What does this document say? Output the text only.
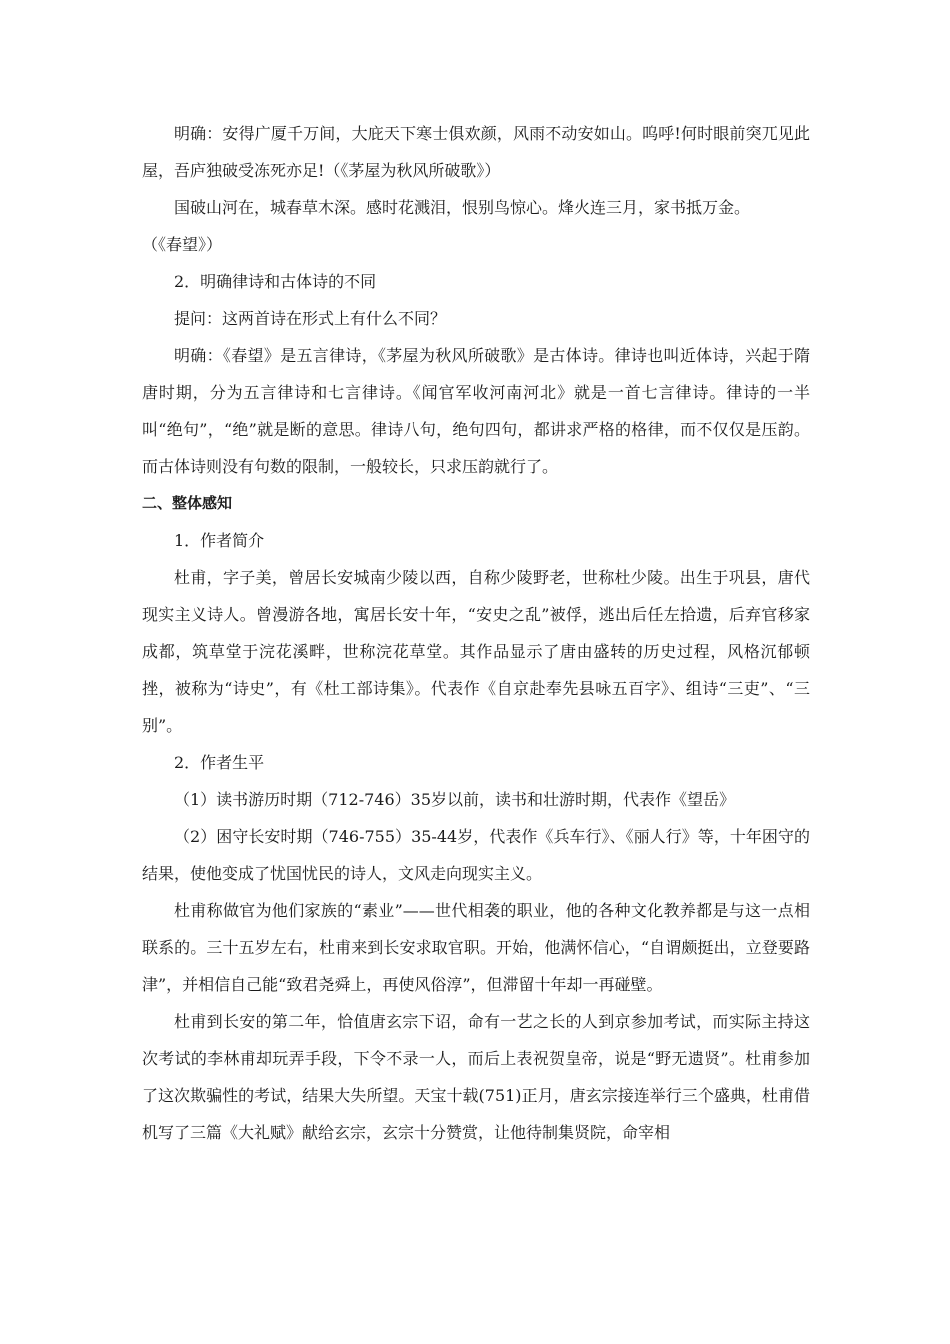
明确：安得广厦千万间，大庇天下寒士俱欢颜，风雨不动安如山。呜呼!何时眼前突兀见此屋，吾庐独破受冻死亦足!（《茅屋为秋风所破歌》）

国破山河在，城春草木深。感时花溅泪，恨别鸟惊心。烽火连三月，家书抵万金。

（《春望》）

2．明确律诗和古体诗的不同

提问：这两首诗在形式上有什么不同？

明确：《春望》是五言律诗，《茅屋为秋风所破歌》是古体诗。律诗也叫近体诗，兴起于隋唐时期，分为五言律诗和七言律诗。《闻官军收河南河北》就是一首七言律诗。律诗的一半叫“绝句”，“绝”就是断的意思。律诗八句，绝句四句，都讲求严格的格律，而不仅仅是压韵。而古体诗则没有句数的限制，一般较长，只求压韵就行了。

二、整体感知

1．作者简介

杜甫，字子美，曾居长安城南少陵以西，自称少陵野老，世称杜少陵。出生于巩县，唐代现实主义诗人。曾漫游各地，寓居长安十年，“安史之乱”被俘，逃出后任左拾遗，后弃官移家成都，筑草堂于浣花溪畔，世称浣花草堂。其作品显示了唐由盛转的历史过程，风格沉郁顿挫，被称为“诗史”，有《杜工部诗集》。代表作《自京赴奉先县咏五百字》、组诗“三吏”、“三别”。

2．作者生平

（1）读书游历时期（712-746）35岁以前，读书和壮游时期，代表作《望岳》

（2）困守长安时期（746-755）35-44岁，代表作《兵车行》、《丽人行》等，十年困守的结果，使他变成了忧国忧民的诗人，文风走向现实主义。

杜甫称做官为他们家族的“素业”——世代相袭的职业，他的各种文化教养都是与这一点相联系的。三十五岁左右，杜甫来到长安求取官职。开始，他满怀信心，“自谓颇挺出，立登要路津”，并相信自己能“致君尧舜上，再使风俗淳”，但滞留十年却一再碰壁。

杜甫到长安的第二年，恰值唐玄宗下诏，命有一艺之长的人到京参加考试，而实际主持这次考试的李林甫却玩弄手段，下令不录一人，而后上表祝贺皇帝，说是“野无遗贤”。杜甫参加了这次欺骗性的考试，结果大失所望。天宝十载(751)正月，唐玄宗接连举行三个盛典，杜甫借机写了三篇《大礼赋》献给玄宗，玄宗十分赞赏，让他待制集贤院，命宰相
